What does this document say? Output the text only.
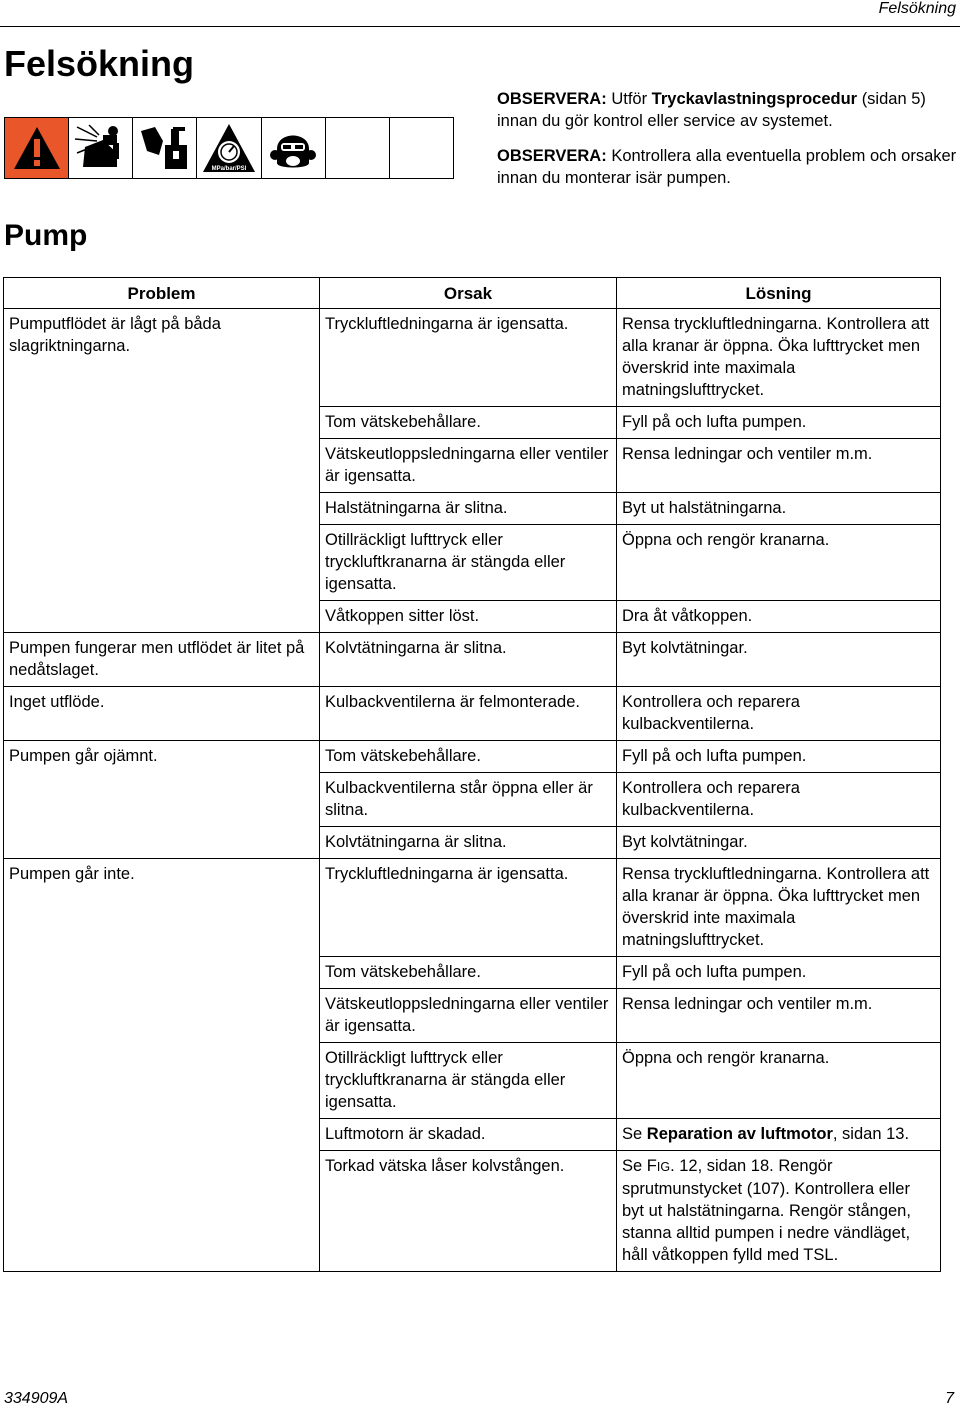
Felsökning
Felsökning
MPa/bar/PSI

OBSERVERA: Utför Tryckavlastningsprocedur (sidan 5) innan du gör kontrol eller service av systemet.

OBSERVERA: Kontrollera alla eventuella problem och orsaker innan du monterar isär pumpen.

Pump
Problem	Orsak	Lösning
Pumputflödet är lågt på båda slagriktningarna.	Tryckluftledningarna är igensatta.	Rensa tryckluftledningarna. Kontrollera att alla kranar är öppna. Öka lufttrycket men överskrid inte maximala matningslufttrycket.
	Tom vätskebehållare.	Fyll på och lufta pumpen.
	Vätskeutloppsledningarna eller ventiler är igensatta.	Rensa ledningar och ventiler m.m.
	Halstätningarna är slitna.	Byt ut halstätningarna.
	Otillräckligt lufttryck eller tryckluftkranarna är stängda eller igensatta.	Öppna och rengör kranarna.
	Våtkoppen sitter löst.	Dra åt våtkoppen.
Pumpen fungerar men utflödet är litet på nedåtslaget.	Kolvtätningarna är slitna.	Byt kolvtätningar.
Inget utflöde.	Kulbackventilerna är felmonterade.	Kontrollera och reparera kulbackventilerna.
Pumpen går ojämnt.	Tom vätskebehållare.	Fyll på och lufta pumpen.
	Kulbackventilerna står öppna eller är slitna.	Kontrollera och reparera kulbackventilerna.
	Kolvtätningarna är slitna.	Byt kolvtätningar.
Pumpen går inte.	Tryckluftledningarna är igensatta.	Rensa tryckluftledningarna. Kontrollera att alla kranar är öppna. Öka lufttrycket men överskrid inte maximala matningslufttrycket.
	Tom vätskebehållare.	Fyll på och lufta pumpen.
	Vätskeutloppsledningarna eller ventiler är igensatta.	Rensa ledningar och ventiler m.m.
	Otillräckligt lufttryck eller tryckluftkranarna är stängda eller igensatta.	Öppna och rengör kranarna.
	Luftmotorn är skadad.	Se Reparation av luftmotor, sidan 13.
	Torkad vätska låser kolvstången.	Se FIG. 12, sidan 18. Rengör sprutmunstycket (107). Kontrollera eller byt ut halstätningarna. Rengör stången, stanna alltid pumpen i nedre vändläget, håll våtkoppen fylld med TSL.
334909A	7
